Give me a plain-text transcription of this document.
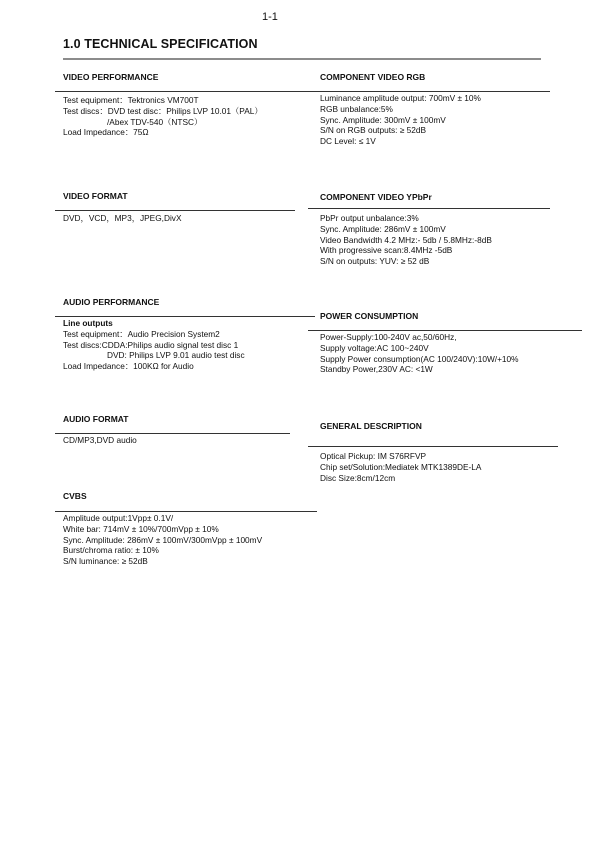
1-1
1.0 TECHNICAL SPECIFICATION
VIDEO PERFORMANCE
Test equipment：Tektronics VM700T
Test discs：DVD test disc：Philips LVP 10.01（PAL）
/Abex TDV-540（NTSC）
Load Impedance：75Ω
COMPONENT VIDEO RGB
Luminance amplitude output: 700mV ± 10%
RGB unbalance:5%
Sync. Amplitude: 300mV ± 100mV
S/N on RGB outputs: ≥ 52dB
DC Level: ≤ 1V
VIDEO FORMAT
DVD，VCD，MP3，JPEG,DivX
COMPONENT VIDEO YPbPr
PbPr output unbalance:3%
Sync. Amplitude: 286mV ± 100mV
Video Bandwidth 4.2 MHz:- 5db / 5.8MHz:-8dB
With progressive scan:8.4MHz -5dB
S/N on outputs: YUV: ≥ 52 dB
AUDIO PERFORMANCE
Line outputs
Test equipment：Audio Precision System2
Test discs:CDDA:Philips audio signal test disc 1
DVD: Philips LVP 9.01 audio test disc
Load Impedance：100KΩ for Audio
POWER CONSUMPTION
Power-Supply:100-240V ac,50/60Hz,
Supply voltage:AC 100~240V
Supply Power consumption(AC 100/240V):10W/+10%
Standby Power,230V AC: <1W
AUDIO FORMAT
CD/MP3,DVD audio
GENERAL DESCRIPTION
Optical Pickup: IM S76RFVP
Chip set/Solution:Mediatek MTK1389DE-LA
Disc Size:8cm/12cm
CVBS
Amplitude output:1Vpp± 0.1V/
White bar: 714mV ± 10%/700mVpp ± 10%
Sync. Amplitude: 286mV ± 100mV/300mVpp ± 100mV
Burst/chroma ratio: ± 10%
S/N luminance: ≥ 52dB
